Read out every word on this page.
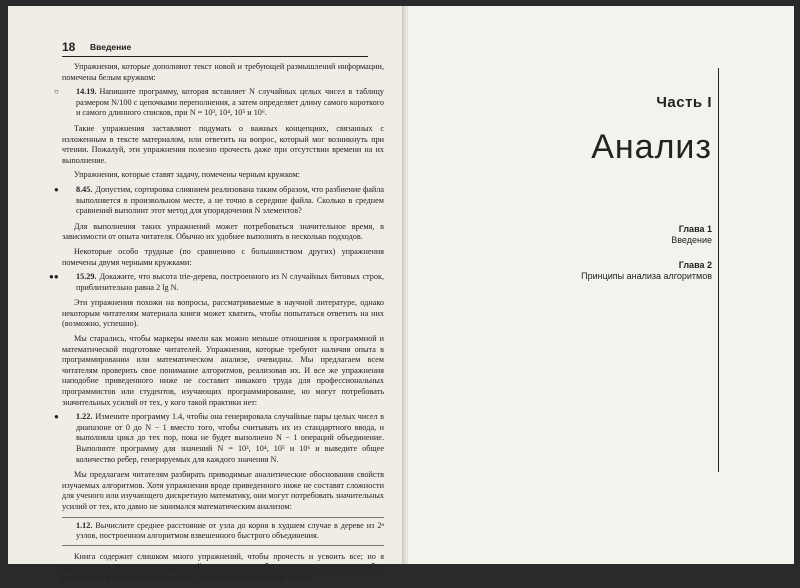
18 Введение

Упражнения, которые дополняют текст новой и требующей размышлений информации, помечены белым кружком:

○ 14.19. Напишите программу, которая вставляет N случайных целых чисел в таблицу размером N/100 с цепочками переполнения, а затем определяет длину самого короткого и самого длинного списков, при N = 10³, 10⁴, 10⁵ и 10⁶.

Такие упражнения заставляют подумать о важных концепциях, связанных с изложенным в тексте материалом, или ответить на вопрос, который мог возникнуть при чтении. Пожалуй, эти упражнения полезно прочесть даже при отсутствии времени на их выполнение.

Упражнения, которые ставят задачу, помечены черным кружком:

● 8.45. Допустим, сортировка слиянием реализована таким образом, что разбиение файла выполняется в произвольном месте, а не точно в середине файла. Сколько в среднем сравнений выполнит этот метод для упорядочения N элементов?

Для выполнения таких упражнений может потребоваться значительное время, в зависимости от опыта читателя. Обычно их удобнее выполнять в несколько подходов.

Некоторые особо трудные (по сравнению с большинством других) упражнения помечены двумя черными кружками:

●● 15.29. Докажите, что высота trie-дерева, построенного из N случайных битовых строк, приблизительно равна 2 lg N.

Эти упражнения похожи на вопросы, рассматриваемые в научной литературе, однако некоторым читателям материала книги может хватить, чтобы попытаться ответить на них (возможно, успешно).

Мы старались, чтобы маркеры имели как можно меньше отношения к программной и математической подготовке читателей. Упражнения, которые требуют наличия опыта в программировании или математическом анализе, очевидны. Мы предлагаем всем читателям проверить свое понимание алгоритмов, реализовав их. И все же упражнения наподобие приведенного ниже не составит никакого труда для профессиональных программистов или студентов, изучающих программирование, но могут потребовать значительных усилий от тех, у кого такой практики нет:

● 1.22. Измените программу 1.4, чтобы она генерировала случайные пары целых чисел в диапазоне от 0 до N − 1 вместо того, чтобы считывать их из стандартного ввода, и выполняла цикл до тех пор, пока не будет выполнено N − 1 операций объединение. Выполните программу для значений N = 10³, 10⁴, 10⁵ и 10⁶ и выведите общее количество ребер, генерируемых для каждого значения N.

Мы предлагаем читателям разбирать приводимые аналитические обоснования свойств изучаемых алгоритмов. Хотя упражнения вроде приведенного ниже не составят сложности для ученого или изучающего дискретную математику, они могут потребовать значительных усилий от тех, кто давно не занимался математическим анализом:

1.12. Вычислите среднее расстояние от узла до корня в худшем случае в дереве из 2ⁿ узлов, построенном алгоритмом взвешенного быстрого объединения.

Книга содержит слишком много упражнений, чтобы прочесть и усвоить все; но я надеюсь, что количество упражнений достаточно, чтобы позволить читателям глубже разобраться в интересующих их темах, чем при простом чтении текста.

Часть I
Анализ
Глава 1
Введение
Глава 2
Принципы анализа алгоритмов
